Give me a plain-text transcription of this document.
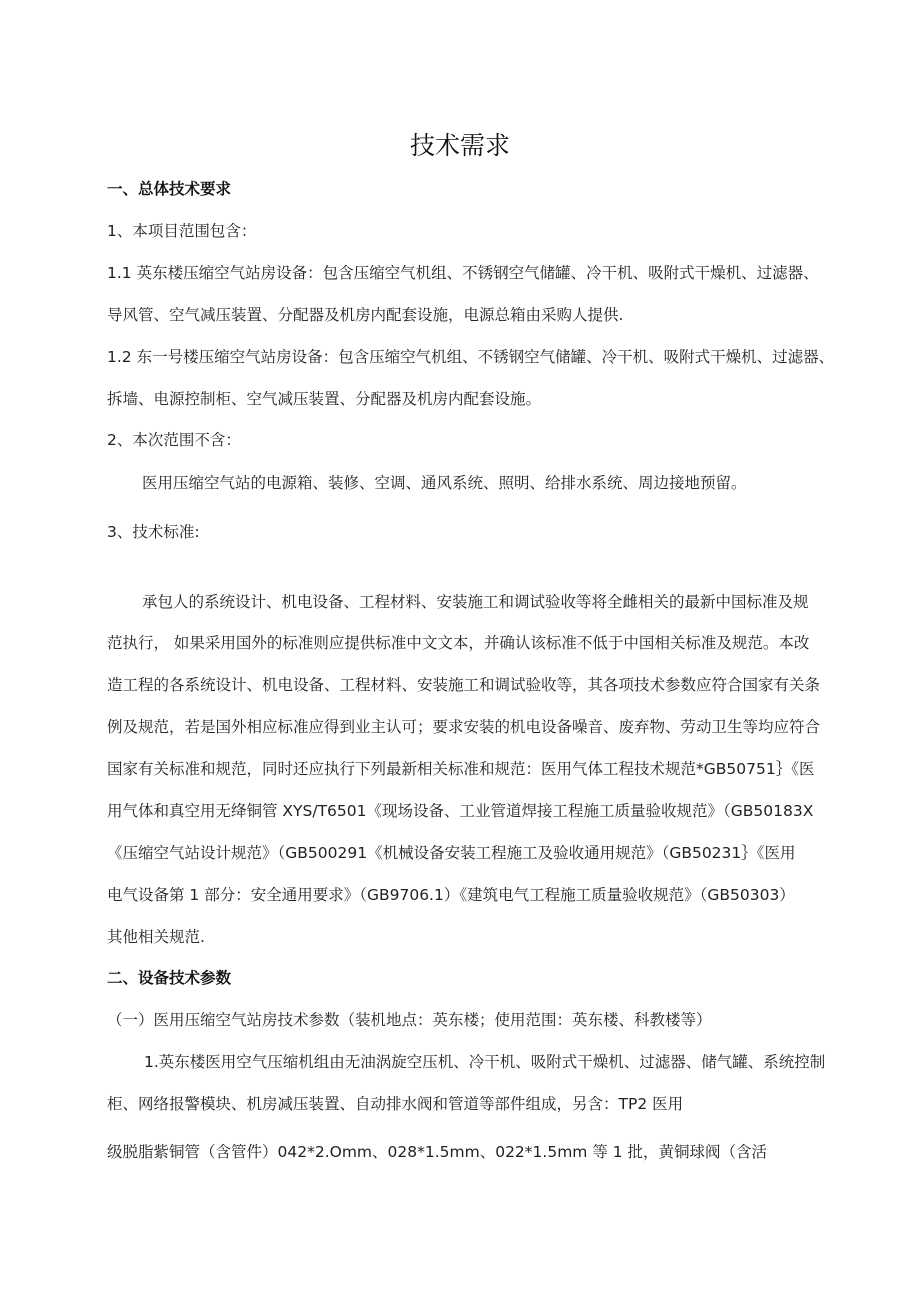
技术需求

一、总体技术要求

1、本项目范围包含：

1.1 英东楼压缩空气站房设备：包含压缩空气机组、不锈钢空气储罐、冷干机、吸附式干燥机、过滤器、

导风管、空气减压装置、分配器及机房内配套设施，电源总箱由采购人提供.

1.2 东一号楼压缩空气站房设备：包含压缩空气机组、不锈钢空气储罐、冷干机、吸附式干燥机、过滤器、

拆墙、电源控制柜、空气减压装置、分配器及机房内配套设施。

2、本次范围不含：

医用压缩空气站的电源箱、装修、空调、通风系统、照明、给排水系统、周边接地预留。

3、技术标准:

承包人的系统设计、机电设备、工程材料、安装施工和调试验收等将全雌相关的最新中国标准及规

范执行， 如果采用国外的标准则应提供标准中文文本，并确认该标准不低于中国相关标准及规范。本改

造工程的各系统设计、机电设备、工程材料、安装施工和调试验收等，其各项技术参数应符合国家有关条

例及规范，若是国外相应标准应得到业主认可；要求安装的机电设备噪音、废弃物、劳动卫生等均应符合

国家有关标准和规范，同时还应执行下列最新相关标准和规范：医用气体工程技术规范*GB50751｝《医

用气体和真空用无绛铜管 XYS/T6501《现场设备、工业管道焊接工程施工质量验收规范》（GB50183X

《压缩空气站设计规范》（GB500291《机械设备安装工程施工及验收通用规范》（GB50231｝《医用

电气设备第 1 部分：安全通用要求》（GB9706.1）《建筑电气工程施工质量验收规范》（GB50303）

其他相关规范.

二、设备技术参数

（一）医用压缩空气站房技术参数（装机地点：英东楼；使用范围：英东楼、科教楼等）

1.英东楼医用空气压缩机组由无油涡旋空压机、冷干机、吸附式干燥机、过滤器、储气罐、系统控制

柜、网络报警模块、机房减压装置、自动排水阀和管道等部件组成，另含：TP2 医用

级脱脂紫铜管（含管件）042*2.Omm、028*1.5mm、022*1.5mm 等 1 批，黄铜球阀（含活
